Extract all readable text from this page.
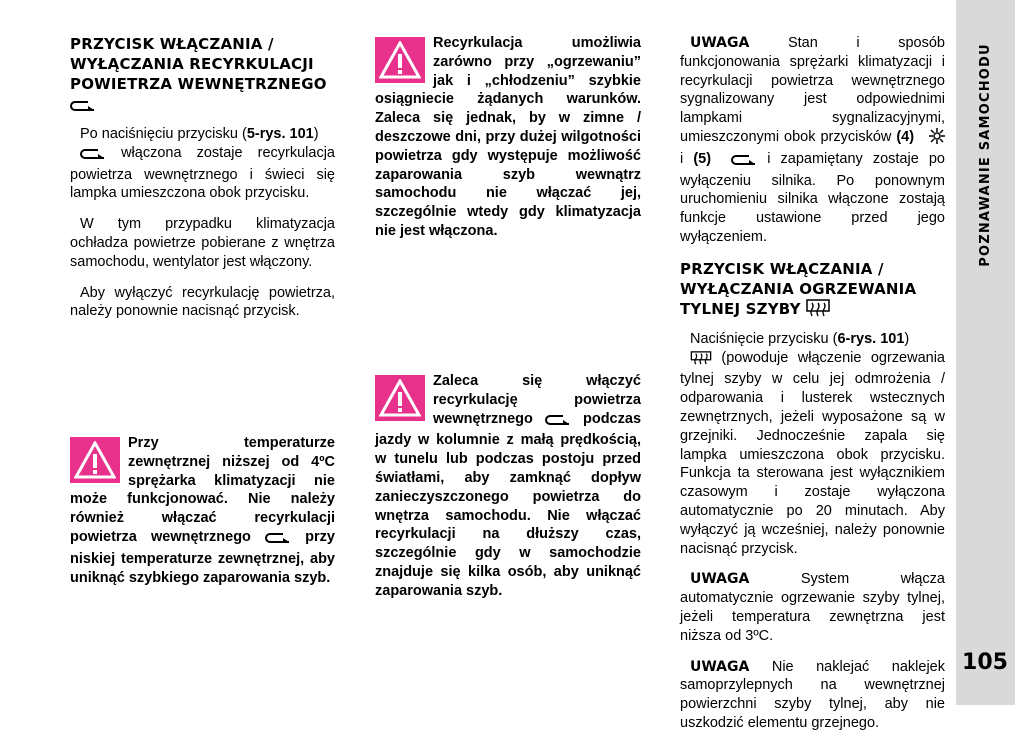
PRZYCISK WŁĄCZANIA / WYŁĄCZANIA RECYRKULACJI POWIETRZA WEWNĘTRZNEGO

Po naciśnięciu przycisku (5-rys. 101)
włączona zostaje recyrkulacja powietrza wewnętrznego i świeci się lampka umieszczona obok przycisku.

W tym przypadku klimatyzacja ochładza powietrze pobierane z wnętrza samochodu, wentylator jest włączony.

Aby wyłączyć recyrkulację powietrza, należy ponownie nacisnąć przycisk.

Przy temperaturze zewnętrznej niższej od 4ºC sprężarka klimatyzacji nie może funkcjonować. Nie należy również włączać recyrkulacji powietrza wewnętrznego	przy niskiej temperaturze zewnętrznej, aby uniknąć szybkiego zaparowania szyb.
Recyrkulacja umożliwia zarówno przy „ogrzewaniu” jak i „chłodzeniu” szybkie osiągniecie żądanych warunków. Zaleca się jednak, by w zimne / deszczowe dni, przy dużej wilgotności powietrza gdy występuje możliwość zaparowania szyb wewnątrz samochodu nie włączać jej, szczególnie wtedy gdy klimatyzacja nie jest włączona.
Zaleca się włączyć recyrkulację powietrza wewnętrznego	podczas jazdy w kolumnie z małą prędkością, w tunelu lub podczas postoju przed światłami, aby zamknąć dopływ zanieczyszczonego powietrza do wnętrza samochodu. Nie włączać recyrkulacji na dłuższy czas, szczególnie gdy w samochodzie znajduje się kilka osób, aby uniknąć zaparowania szyb.

UWAGA Stan i sposób funkcjonowania sprężarki klimatyzacji i recyrkulacji powietrza wewnętrznego sygnalizowany jest odpowiednimi lampkami sygnalizacyjnymi, umieszczonymi obok przycisków (4)  i (5)	i zapamiętany zostaje po wyłączeniu silnika. Po ponownym uruchomieniu silnika włączone zostają funkcje ustawione przed jego wyłączeniem.

PRZYCISK WŁĄCZANIA / WYŁĄCZANIA OGRZEWANIA TYLNEJ SZYBY

Naciśnięcie przycisku (6-rys. 101)
(powoduje włączenie ogrzewania tylnej szyby w celu jej odmrożenia / odparowania i lusterek wstecznych zewnętrznych, jeżeli wyposażone są w grzejniki. Jednocześnie zapala się lampka umieszczona obok przycisku. Funkcja ta sterowana jest wyłącznikiem czasowym i zostaje wyłączona automatycznie po 20 minutach. Aby wyłączyć ją wcześniej, należy ponownie nacisnąć przycisk.

UWAGA System włącza automatycznie ogrzewanie szyby tylnej, jeżeli temperatura zewnętrzna jest niższa od 3ºC.

UWAGA Nie naklejać naklejek samoprzylepnych na wewnętrznej powierzchni szyby tylnej, aby nie uszkodzić elementu grzejnego.

POZNAWANIE SAMOCHODU
105
